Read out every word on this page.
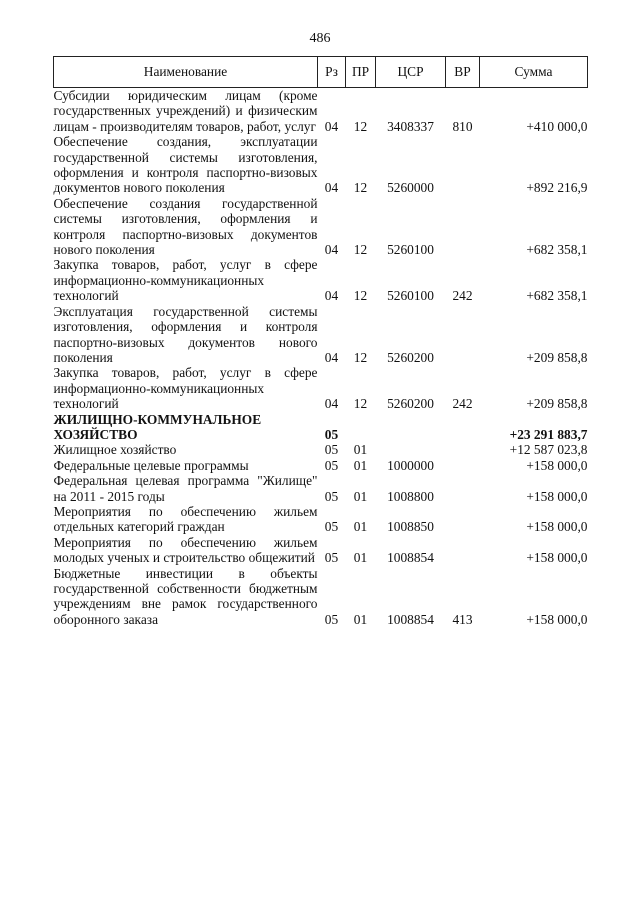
486
Наименование	Рз	ПР	ЦСР	ВР	Сумма
Субсидии юридическим лицам (кроме государственных учреждений) и физическим лицам - производителям товаров, работ, услуг	04	12	3408337	810	+410 000,0
Обеспечение создания, эксплуатации государственной системы изготовления, оформления и контроля паспортно-визовых документов нового поколения	04	12	5260000		+892 216,9
Обеспечение создания государственной системы изготовления, оформления и контроля паспортно-визовых документов нового поколения	04	12	5260100		+682 358,1
Закупка товаров, работ, услуг в сфере информационно-коммуникационных технологий	04	12	5260100	242	+682 358,1
Эксплуатация государственной системы изготовления, оформления и контроля паспортно-визовых документов нового поколения	04	12	5260200		+209 858,8
Закупка товаров, работ, услуг в сфере информационно-коммуникационных технологий	04	12	5260200	242	+209 858,8
ЖИЛИЩНО-КОММУНАЛЬНОЕ ХОЗЯЙСТВО	05				+23 291 883,7
Жилищное хозяйство	05	01			+12 587 023,8
Федеральные целевые программы	05	01	1000000		+158 000,0
Федеральная целевая программа "Жилище" на 2011 - 2015 годы	05	01	1008800		+158 000,0
Мероприятия по обеспечению жильем отдельных категорий граждан	05	01	1008850		+158 000,0
Мероприятия по обеспечению жильем молодых ученых и строительство общежитий	05	01	1008854		+158 000,0
Бюджетные инвестиции в объекты государственной собственности бюджетным учреждениям вне рамок государственного оборонного заказа	05	01	1008854	413	+158 000,0
